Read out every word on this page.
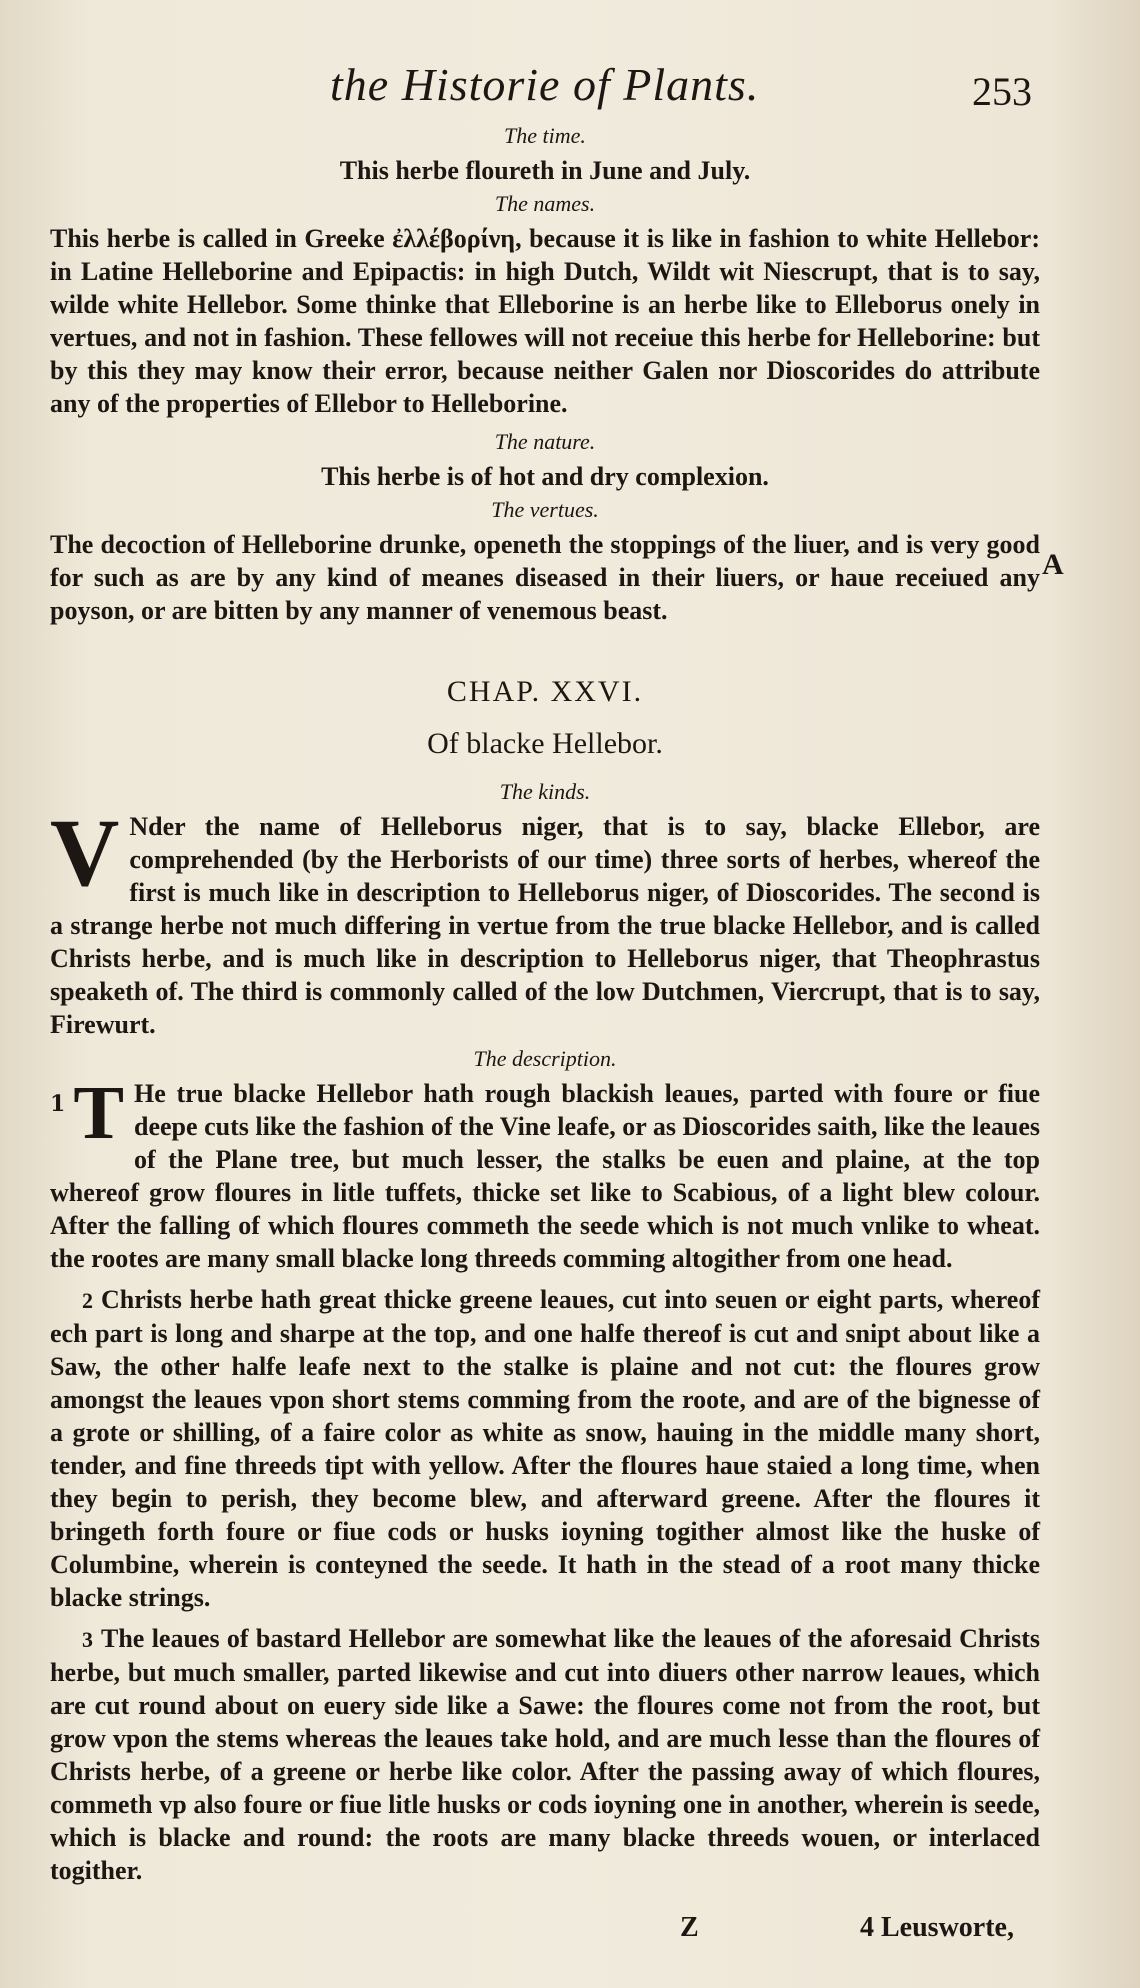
the Historie of Plants.	253

The time.

This herbe floureth in June and July.

The names.

This herbe is called in Greeke ἐλλέβορίνη, because it is like in fashion to white Hellebor: in Latine Helleborine and Epipactis: in high Dutch, Wildt wit Niescrupt, that is to say, wilde white Hellebor. Some thinke that Elleborine is an herbe like to Elleborus onely in vertues, and not in fashion. These fellowes will not receiue this herbe for Helleborine: but by this they may know their error, because neither Galen nor Dioscorides do attribute any of the properties of Ellebor to Helleborine.

The nature.

This herbe is of hot and dry complexion.

The vertues.

The decoction of Helleborine drunke, openeth the stoppings of the liuer, and is very good for such as are by any kind of meanes diseased in their liuers, or haue receiued any poyson, or are bitten by any manner of venemous beast.

A

CHAP. XXVI.

Of blacke Hellebor.

The kinds.

V Nder the name of Helleborus niger, that is to say, blacke Ellebor, are comprehended (by the Herborists of our time) three sorts of herbes, whereof the first is much like in description to Helleborus niger, of Dioscorides. The second is a strange herbe not much differing in vertue from the true blacke Hellebor, and is called Christs herbe, and is much like in description to Helleborus niger, that Theophrastus speaketh of. The third is commonly called of the low Dutchmen, Viercrupt, that is to say, Firewurt.

The description.

1 T He true blacke Hellebor hath rough blackish leaues, parted with foure or fiue deepe cuts like the fashion of the Vine leafe, or as Dioscorides saith, like the leaues of the Plane tree, but much lesser, the stalks be euen and plaine, at the top whereof grow floures in litle tuffets, thicke set like to Scabious, of a light blew colour. After the falling of which floures commeth the seede which is not much vnlike to wheat. the rootes are many small blacke long threeds comming altogither from one head.

2 Christs herbe hath great thicke greene leaues, cut into seuen or eight parts, whereof ech part is long and sharpe at the top, and one halfe thereof is cut and snipt about like a Saw, the other halfe leafe next to the stalke is plaine and not cut: the floures grow amongst the leaues vpon short stems comming from the roote, and are of the bignesse of a grote or shilling, of a faire color as white as snow, hauing in the middle many short, tender, and fine threeds tipt with yellow. After the floures haue staied a long time, when they begin to perish, they become blew, and afterward greene. After the floures it bringeth forth foure or fiue cods or husks ioyning togither almost like the huske of Columbine, wherein is conteyned the seede. It hath in the stead of a root many thicke blacke strings.

3 The leaues of bastard Hellebor are somewhat like the leaues of the aforesaid Christs herbe, but much smaller, parted likewise and cut into diuers other narrow leaues, which are cut round about on euery side like a Sawe: the floures come not from the root, but grow vpon the stems whereas the leaues take hold, and are much lesse than the floures of Christs herbe, of a greene or herbe like color. After the passing away of which floures, commeth vp also foure or fiue litle husks or cods ioyning one in another, wherein is seede, which is blacke and round: the roots are many blacke threeds wouen, or interlaced togither.

Z	4 Leusworte,
